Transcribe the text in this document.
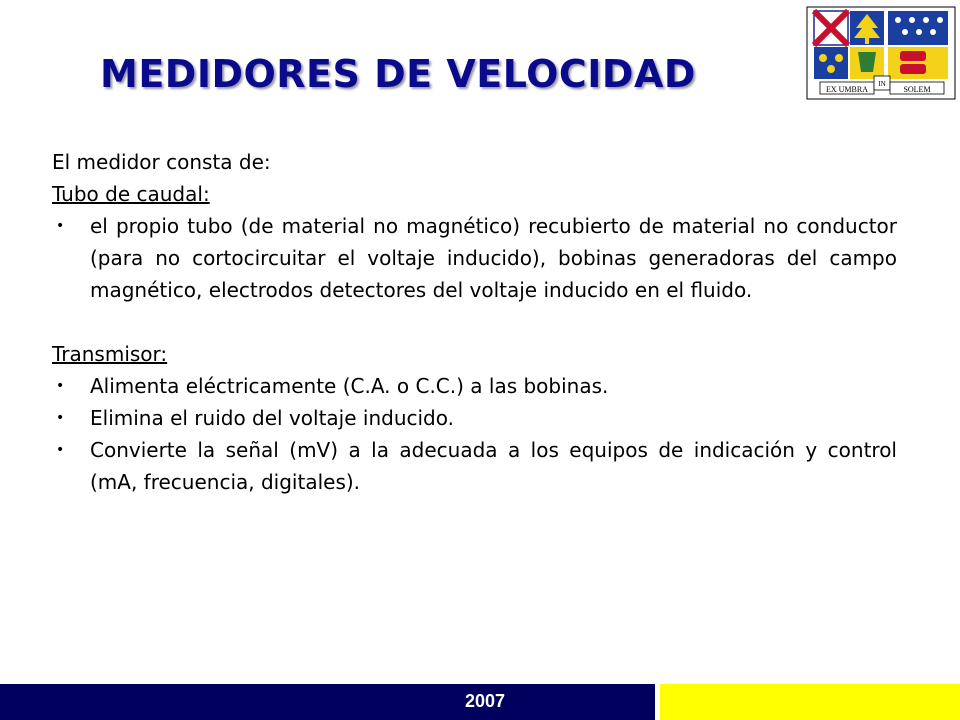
MEDIDORES DE VELOCIDAD	EX UMBRA
IN
SOLEM

El medidor consta de:

Tubo de caudal:

• el propio tubo (de material no magnético) recubierto de material no conductor (para no cortocircuitar el voltaje inducido), bobinas generadoras del campo magnético, electrodos detectores del voltaje inducido en el fluido.

Transmisor:

• Alimenta eléctricamente (C.A. o C.C.) a las bobinas.
• Elimina el ruido del voltaje inducido.
• Convierte la señal (mV) a la adecuada a los equipos de indicación y control (mA, frecuencia, digitales).
2007
